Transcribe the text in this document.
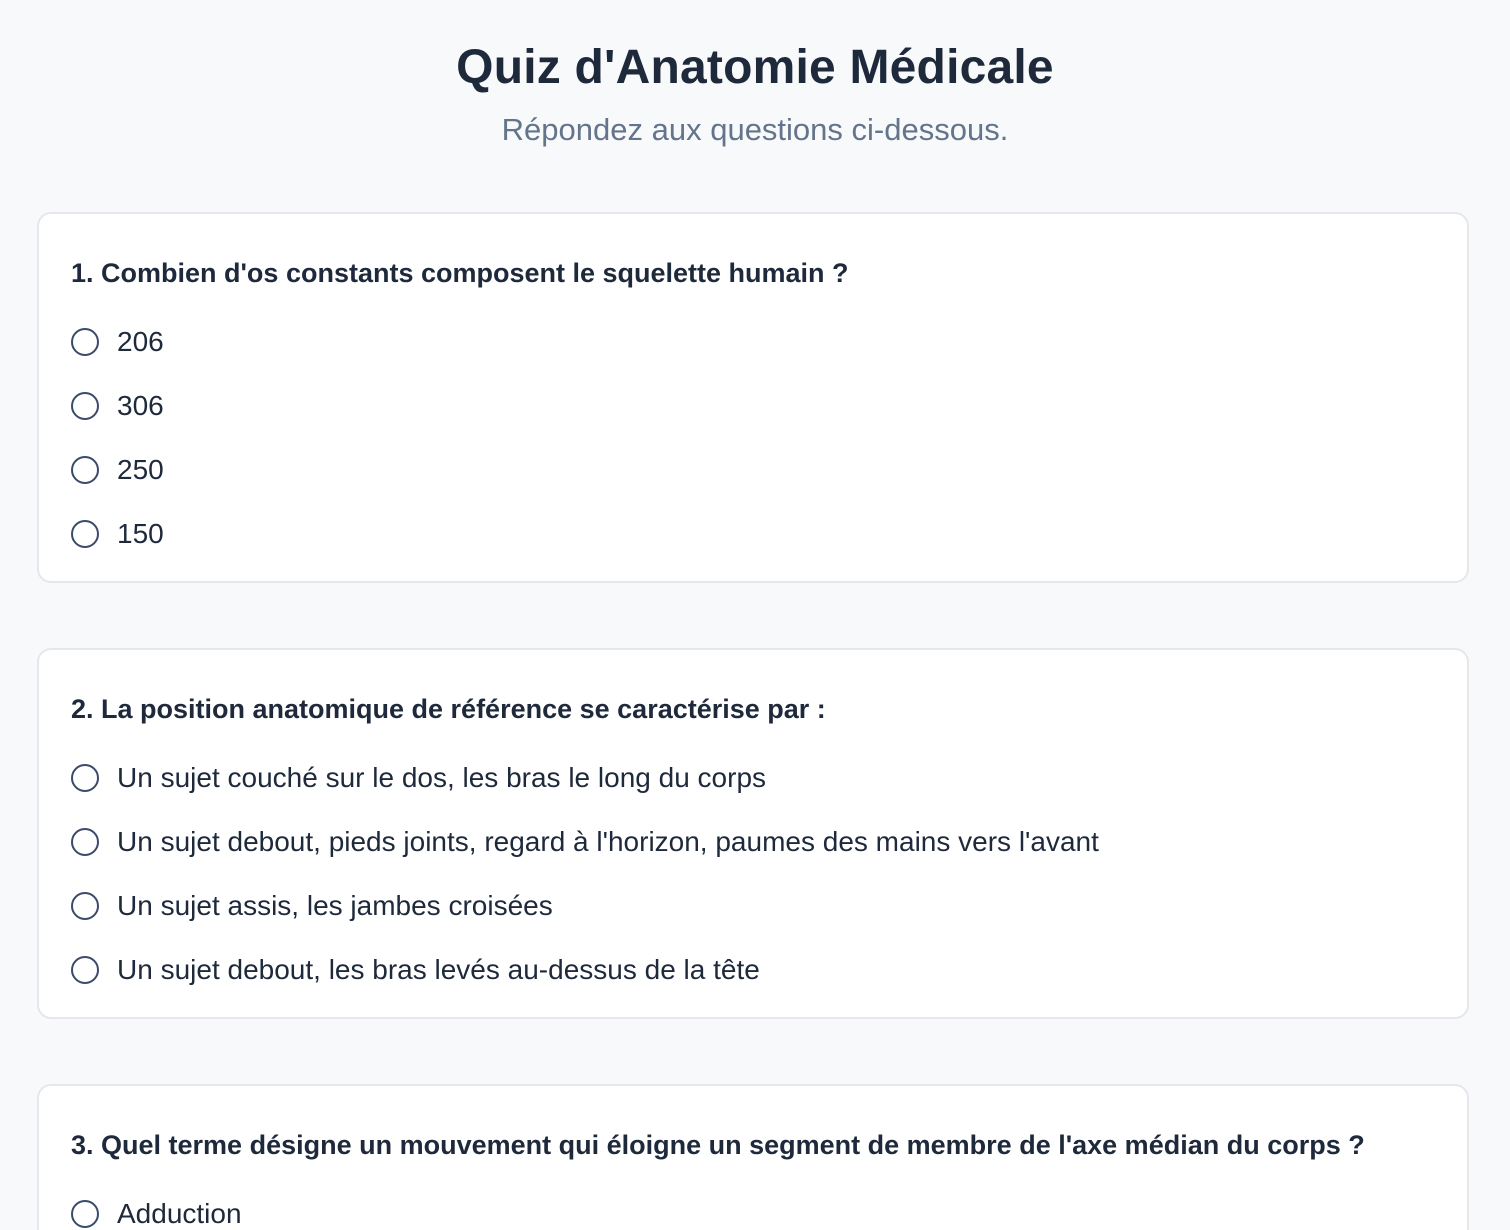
Quiz d'Anatomie Médicale

Répondez aux questions ci-dessous.

1. Combien d'os constants composent le squelette humain ?
206
306
250
150
2. La position anatomique de référence se caractérise par :
Un sujet couché sur le dos, les bras le long du corps
Un sujet debout, pieds joints, regard à l'horizon, paumes des mains vers l'avant
Un sujet assis, les jambes croisées
Un sujet debout, les bras levés au-dessus de la tête
3. Quel terme désigne un mouvement qui éloigne un segment de membre de l'axe médian du corps ?
Adduction
